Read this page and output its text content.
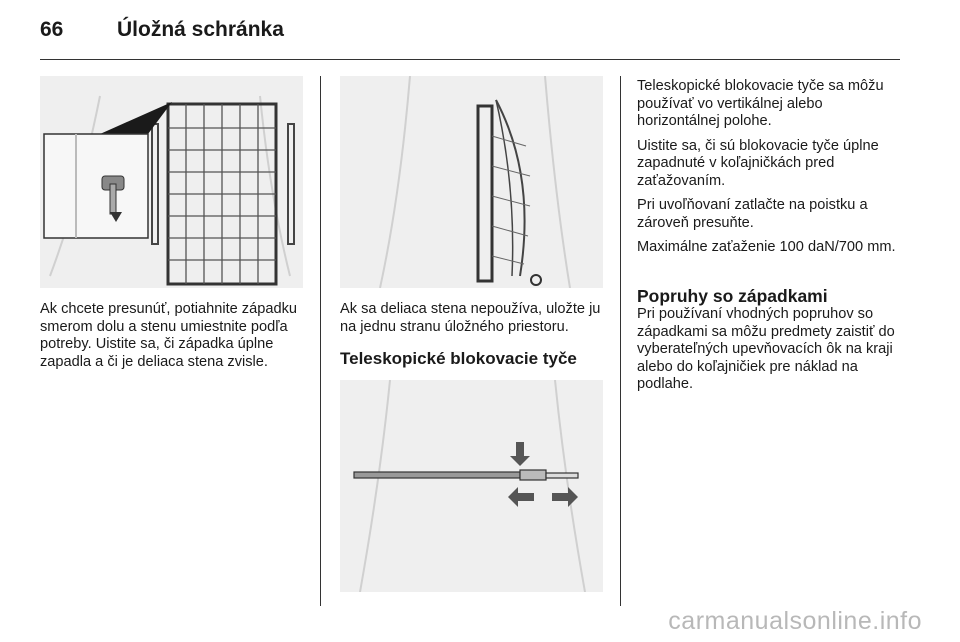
66	Úložná schránka

Ak chcete presunúť, potiahnite západku smerom dolu a stenu umiestnite podľa potreby. Uistite sa, či západka úplne zapadla a či je deliaca stena zvisle.

Ak sa deliaca stena nepoužíva, uložte ju na jednu stranu úložného priestoru.

Teleskopické blokovacie tyče

Teleskopické blokovacie tyče sa môžu používať vo vertikálnej alebo horizontálnej polohe.

Uistite sa, či sú blokovacie tyče úplne zapadnuté v koľajničkách pred zaťažovaním.

Pri uvoľňovaní zatlačte na poistku a zároveň presuňte.

Maximálne zaťaženie 100 daN/700 mm.

Popruhy so západkami

Pri používaní vhodných popruhov so západkami sa môžu predmety zaistiť do vyberateľných upevňovacích ôk na kraji alebo do koľajničiek pre náklad na podlahe.

carmanualsonline.info
